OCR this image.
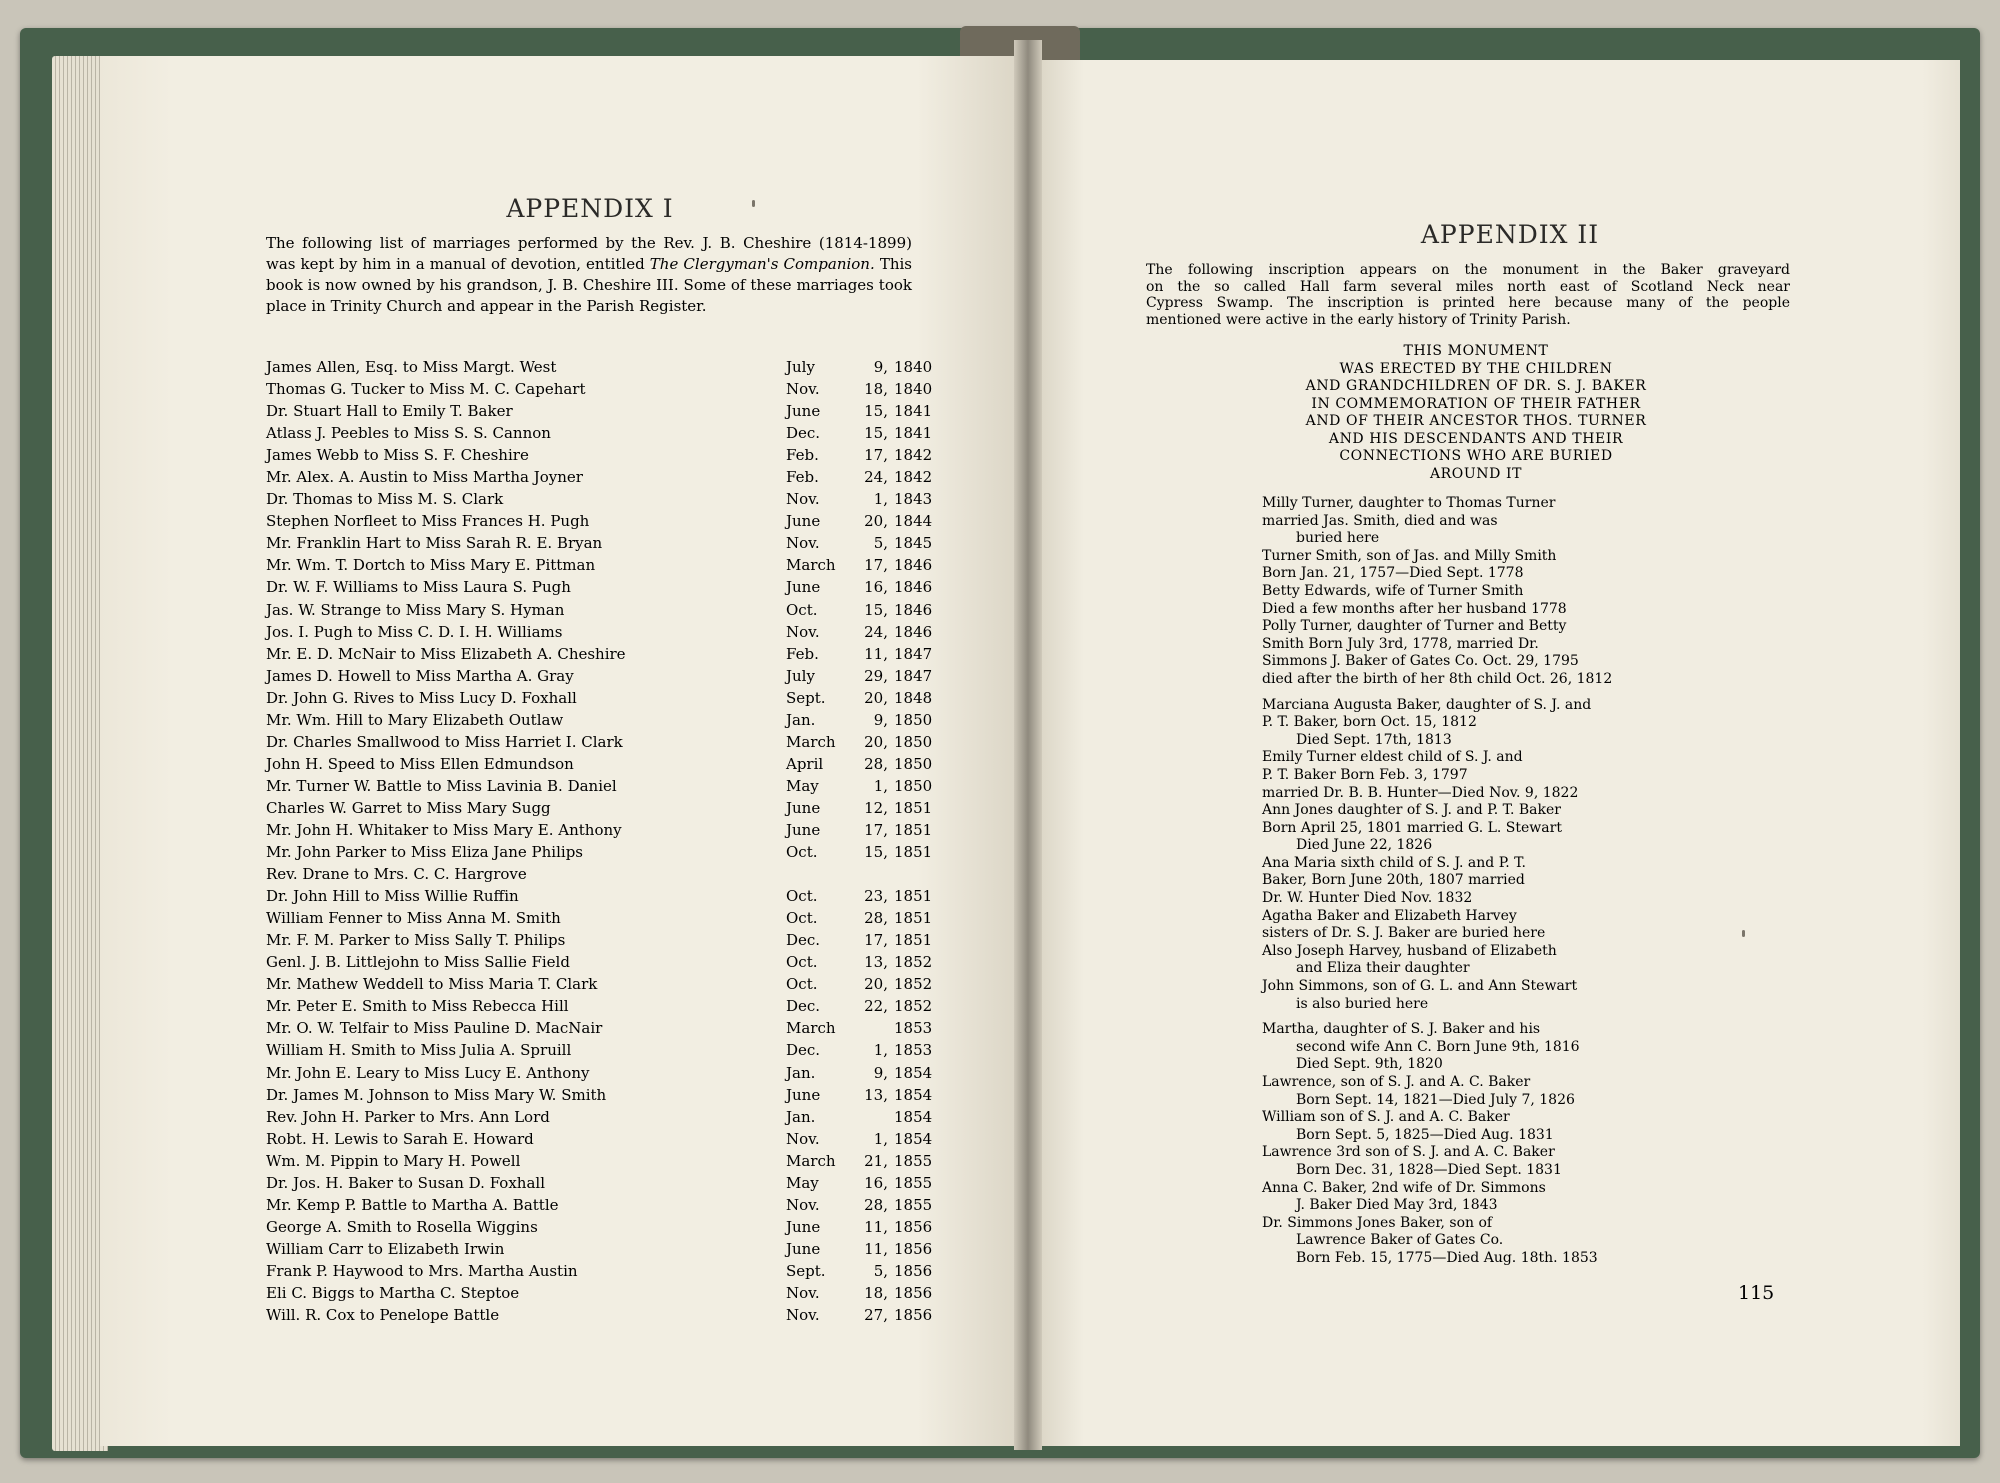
APPENDIX I
The following list of marriages performed by the Rev. J. B. Cheshire (1814-1899) was kept by him in a manual of devotion, entitled The Clergyman's Companion. This book is now owned by his grandson, J. B. Cheshire III. Some of these marriages took place in Trinity Church and appear in the Parish Register.
James Allen, Esq. to Miss Margt. West	July	9, 1840
Thomas G. Tucker to Miss M. C. Capehart	Nov.	18, 1840
Dr. Stuart Hall to Emily T. Baker	June	15, 1841
Atlass J. Peebles to Miss S. S. Cannon	Dec.	15, 1841
James Webb to Miss S. F. Cheshire	Feb.	17, 1842
Mr. Alex. A. Austin to Miss Martha Joyner	Feb.	24, 1842
Dr. Thomas to Miss M. S. Clark	Nov.	1, 1843
Stephen Norfleet to Miss Frances H. Pugh	June	20, 1844
Mr. Franklin Hart to Miss Sarah R. E. Bryan	Nov.	5, 1845
Mr. Wm. T. Dortch to Miss Mary E. Pittman	March	17, 1846
Dr. W. F. Williams to Miss Laura S. Pugh	June	16, 1846
Jas. W. Strange to Miss Mary S. Hyman	Oct.	15, 1846
Jos. I. Pugh to Miss C. D. I. H. Williams	Nov.	24, 1846
Mr. E. D. McNair to Miss Elizabeth A. Cheshire	Feb.	11, 1847
James D. Howell to Miss Martha A. Gray	July	29, 1847
Dr. John G. Rives to Miss Lucy D. Foxhall	Sept.	20, 1848
Mr. Wm. Hill to Mary Elizabeth Outlaw	Jan.	9, 1850
Dr. Charles Smallwood to Miss Harriet I. Clark	March	20, 1850
John H. Speed to Miss Ellen Edmundson	April	28, 1850
Mr. Turner W. Battle to Miss Lavinia B. Daniel	May	1, 1850
Charles W. Garret to Miss Mary Sugg	June	12, 1851
Mr. John H. Whitaker to Miss Mary E. Anthony	June	17, 1851
Mr. John Parker to Miss Eliza Jane Philips	Oct.	15, 1851
Rev. Drane to Mrs. C. C. Hargrove
Dr. John Hill to Miss Willie Ruffin	Oct.	23, 1851
William Fenner to Miss Anna M. Smith	Oct.	28, 1851
Mr. F. M. Parker to Miss Sally T. Philips	Dec.	17, 1851
Genl. J. B. Littlejohn to Miss Sallie Field	Oct.	13, 1852
Mr. Mathew Weddell to Miss Maria T. Clark	Oct.	20, 1852
Mr. Peter E. Smith to Miss Rebecca Hill	Dec.	22, 1852
Mr. O. W. Telfair to Miss Pauline D. MacNair	March	1853
William H. Smith to Miss Julia A. Spruill	Dec.	1, 1853
Mr. John E. Leary to Miss Lucy E. Anthony	Jan.	9, 1854
Dr. James M. Johnson to Miss Mary W. Smith	June	13, 1854
Rev. John H. Parker to Mrs. Ann Lord	Jan.	1854
Robt. H. Lewis to Sarah E. Howard	Nov.	1, 1854
Wm. M. Pippin to Mary H. Powell	March	21, 1855
Dr. Jos. H. Baker to Susan D. Foxhall	May	16, 1855
Mr. Kemp P. Battle to Martha A. Battle	Nov.	28, 1855
George A. Smith to Rosella Wiggins	June	11, 1856
William Carr to Elizabeth Irwin	June	11, 1856
Frank P. Haywood to Mrs. Martha Austin	Sept.	5, 1856
Eli C. Biggs to Martha C. Steptoe	Nov.	18, 1856
Will. R. Cox to Penelope Battle	Nov.	27, 1856
APPENDIX II
The following inscription appears on the monument in the Baker graveyard
on the so called Hall farm several miles north east of Scotland Neck near
Cypress Swamp. The inscription is printed here because many of the people
mentioned were active in the early history of Trinity Parish.
THIS MONUMENT
WAS ERECTED BY THE CHILDREN
AND GRANDCHILDREN OF DR. S. J. BAKER
IN COMMEMORATION OF THEIR FATHER
AND OF THEIR ANCESTOR THOS. TURNER
AND HIS DESCENDANTS AND THEIR
CONNECTIONS WHO ARE BURIED
AROUND IT
Milly Turner, daughter to Thomas Turner
married Jas. Smith, died and was
buried here
Turner Smith, son of Jas. and Milly Smith
Born Jan. 21, 1757—Died Sept. 1778
Betty Edwards, wife of Turner Smith
Died a few months after her husband 1778
Polly Turner, daughter of Turner and Betty
Smith Born July 3rd, 1778, married Dr.
Simmons J. Baker of Gates Co. Oct. 29, 1795
died after the birth of her 8th child Oct. 26, 1812
Marciana Augusta Baker, daughter of S. J. and
P. T. Baker, born Oct. 15, 1812
Died Sept. 17th, 1813
Emily Turner eldest child of S. J. and
P. T. Baker Born Feb. 3, 1797
married Dr. B. B. Hunter—Died Nov. 9, 1822
Ann Jones daughter of S. J. and P. T. Baker
Born April 25, 1801 married G. L. Stewart
Died June 22, 1826
Ana Maria sixth child of S. J. and P. T.
Baker, Born June 20th, 1807 married
Dr. W. Hunter Died Nov. 1832
Agatha Baker and Elizabeth Harvey
sisters of Dr. S. J. Baker are buried here
Also Joseph Harvey, husband of Elizabeth
and Eliza their daughter
John Simmons, son of G. L. and Ann Stewart
is also buried here
Martha, daughter of S. J. Baker and his
second wife Ann C. Born June 9th, 1816
Died Sept. 9th, 1820
Lawrence, son of S. J. and A. C. Baker
Born Sept. 14, 1821—Died July 7, 1826
William son of S. J. and A. C. Baker
Born Sept. 5, 1825—Died Aug. 1831
Lawrence 3rd son of S. J. and A. C. Baker
Born Dec. 31, 1828—Died Sept. 1831
Anna C. Baker, 2nd wife of Dr. Simmons
J. Baker Died May 3rd, 1843
Dr. Simmons Jones Baker, son of
Lawrence Baker of Gates Co.
Born Feb. 15, 1775—Died Aug. 18th. 1853
115
